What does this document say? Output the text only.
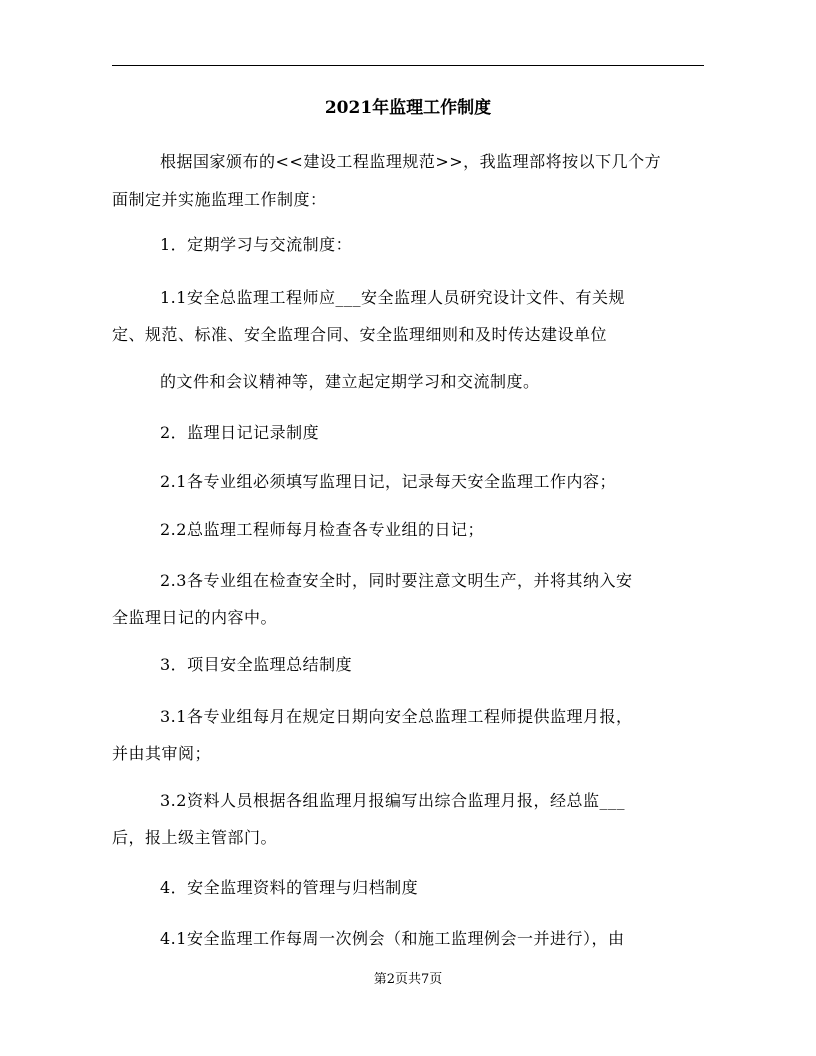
2021年监理工作制度
根据国家颁布的<<建设工程监理规范>>，我监理部将按以下几个方
面制定并实施监理工作制度：
1．定期学习与交流制度：
1.1安全总监理工程师应___安全监理人员研究设计文件、有关规
定、规范、标准、安全监理合同、安全监理细则和及时传达建设单位
的文件和会议精神等，建立起定期学习和交流制度。
2．监理日记记录制度
2.1各专业组必须填写监理日记，记录每天安全监理工作内容；
2.2总监理工程师每月检查各专业组的日记；
2.3各专业组在检查安全时，同时要注意文明生产，并将其纳入安
全监理日记的内容中。
3．项目安全监理总结制度
3.1各专业组每月在规定日期向安全总监理工程师提供监理月报，
并由其审阅；
3.2资料人员根据各组监理月报编写出综合监理月报，经总监___
后，报上级主管部门。
4．安全监理资料的管理与归档制度
4.1安全监理工作每周一次例会（和施工监理例会一并进行），由
第2页共7页
